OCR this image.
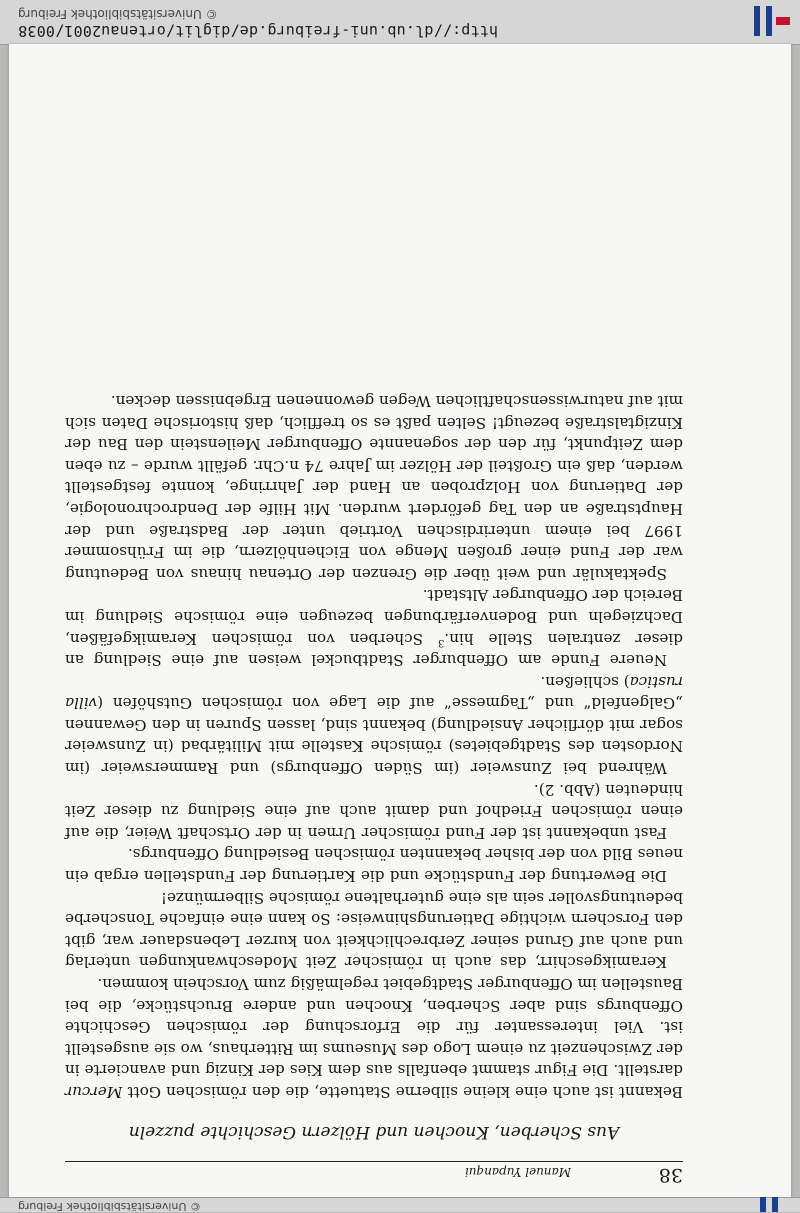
http://dl.ub.uni-freiburg.de/diglit/ortenau2001/0038
© Universitätsbibliothek Freiburg
38
Manuel Yupanqui
Aus Scherben, Knochen und Hölzern Geschichte puzzeln

Bekannt ist auch eine kleine silberne Statuette, die den römischen Gott Mercur darstellt. Die Figur stammt ebenfalls aus dem Kies der Kinzig und avancierte in der Zwischenzeit zu einem Logo des Museums im Ritterhaus, wo sie ausgestellt ist. Viel interessanter für die Erforschung der römischen Geschichte Offenburgs sind aber Scherben, Knochen und andere Bruchstücke, die bei Baustellen im Offenburger Stadtgebiet regelmäßig zum Vorschein kommen.

Keramikgeschirr, das auch in römischer Zeit Modeschwankungen unterlag und auch auf Grund seiner Zerbrechlichkeit von kurzer Lebensdauer war, gibt den Forschern wichtige Datierungshinweise: So kann eine einfache Tonscherbe bedeutungsvoller sein als eine guterhaltene römische Silbermünze!

Die Bewertung der Fundstücke und die Kartierung der Fundstellen ergab ein neues Bild von der bisher bekannten römischen Besiedlung Offenburgs.

Fast unbekannt ist der Fund römischer Urnen in der Ortschaft Weier, die auf einen römischen Friedhof und damit auch auf eine Siedlung zu dieser Zeit hindeuten (Abb. 2).

Während bei Zunsweier (im Süden Offenburgs) und Rammersweier (im Nordosten des Stadtgebietes) römische Kastelle mit Militärbad (in Zunsweier sogar mit dörflicher Ansiedlung) bekannt sind, lassen Spuren in den Gewannen „Galgenfeld“ und „Tagmesse“ auf die Lage von römischen Gutshöfen (villa rustica) schließen.

Neuere Funde am Offenburger Stadtbuckel weisen auf eine Siedlung an dieser zentralen Stelle hin.$^3$ Scherben von römischen Keramikgefäßen, Dachziegeln und Bodenverfärbungen bezeugen eine römische Siedlung im Bereich der Offenburger Altstadt.

Spektakulär und weit über die Grenzen der Ortenau hinaus von Bedeutung war der Fund einer großen Menge von Eichenhölzern, die im Frühsommer 1997 bei einem unterirdischen Vortrieb unter der Badstraße und der Hauptstraße an den Tag gefördert wurden. Mit Hilfe der Dendrochronologie, der Datierung von Holzproben an Hand der Jahrringe, konnte festgestellt werden, daß ein Großteil der Hölzer im Jahre 74 n.Chr. gefällt wurde – zu eben dem Zeitpunkt, für den der sogenannte Offenburger Meilenstein den Bau der Kinzigtalstraße bezeugt! Selten paßt es so trefflich, daß historische Daten sich mit auf naturwissenschaftlichen Wegen gewonnenen Ergebnissen decken.

© Universitätsbibliothek Freiburg
